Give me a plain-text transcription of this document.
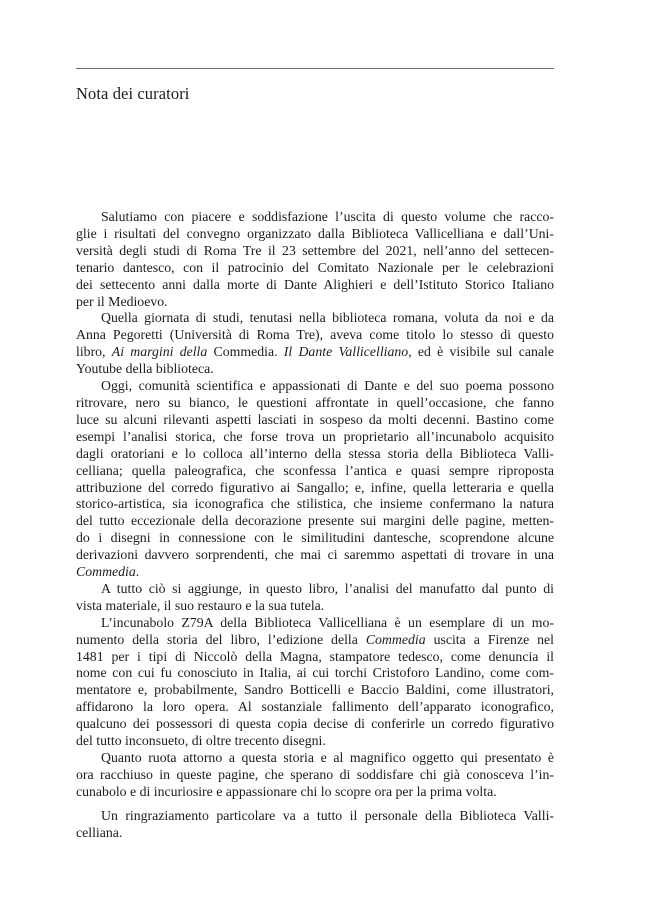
Nota dei curatori
Salutiamo con piacere e soddisfazione l’uscita di questo volume che racco-
glie i risultati del convegno organizzato dalla Biblioteca Vallicelliana e dall’Uni-
versità degli studi di Roma Tre il 23 settembre del 2021, nell’anno del settecen-
tenario dantesco, con il patrocinio del Comitato Nazionale per le celebrazioni
dei settecento anni dalla morte di Dante Alighieri e dell’Istituto Storico Italiano
per il Medioevo.
Quella giornata di studi, tenutasi nella biblioteca romana, voluta da noi e da
Anna Pegoretti (Università di Roma Tre), aveva come titolo lo stesso di questo
libro, Ai margini della Commedia. Il Dante Vallicelliano, ed è visibile sul canale
Youtube della biblioteca.
Oggi, comunità scientifica e appassionati di Dante e del suo poema possono
ritrovare, nero su bianco, le questioni affrontate in quell’occasione, che fanno
luce su alcuni rilevanti aspetti lasciati in sospeso da molti decenni. Bastino come
esempi l’analisi storica, che forse trova un proprietario all’incunabolo acquisito
dagli oratoriani e lo colloca all’interno della stessa storia della Biblioteca Valli-
celliana; quella paleografica, che sconfessa l’antica e quasi sempre riproposta
attribuzione del corredo figurativo ai Sangallo; e, infine, quella letteraria e quella
storico-artistica, sia iconografica che stilistica, che insieme confermano la natura
del tutto eccezionale della decorazione presente sui margini delle pagine, metten-
do i disegni in connessione con le similitudini dantesche, scoprendone alcune
derivazioni davvero sorprendenti, che mai ci saremmo aspettati di trovare in una
Commedia.
A tutto ciò si aggiunge, in questo libro, l’analisi del manufatto dal punto di
vista materiale, il suo restauro e la sua tutela.
L’incunabolo Z79A della Biblioteca Vallicelliana è un esemplare di un mo-
numento della storia del libro, l’edizione della Commedia uscita a Firenze nel
1481 per i tipi di Niccolò della Magna, stampatore tedesco, come denuncia il
nome con cui fu conosciuto in Italia, ai cui torchi Cristoforo Landino, come com-
mentatore e, probabilmente, Sandro Botticelli e Baccio Baldini, come illustratori,
affidarono la loro opera. Al sostanziale fallimento dell’apparato iconografico,
qualcuno dei possessori di questa copia decise di conferirle un corredo figurativo
del tutto inconsueto, di oltre trecento disegni.
Quanto ruota attorno a questa storia e al magnifico oggetto qui presentato è
ora racchiuso in queste pagine, che sperano di soddisfare chi già conosceva l’in-
cunabolo e di incuriosire e appassionare chi lo scopre ora per la prima volta.
Un ringraziamento particolare va a tutto il personale della Biblioteca Valli-
celliana.
